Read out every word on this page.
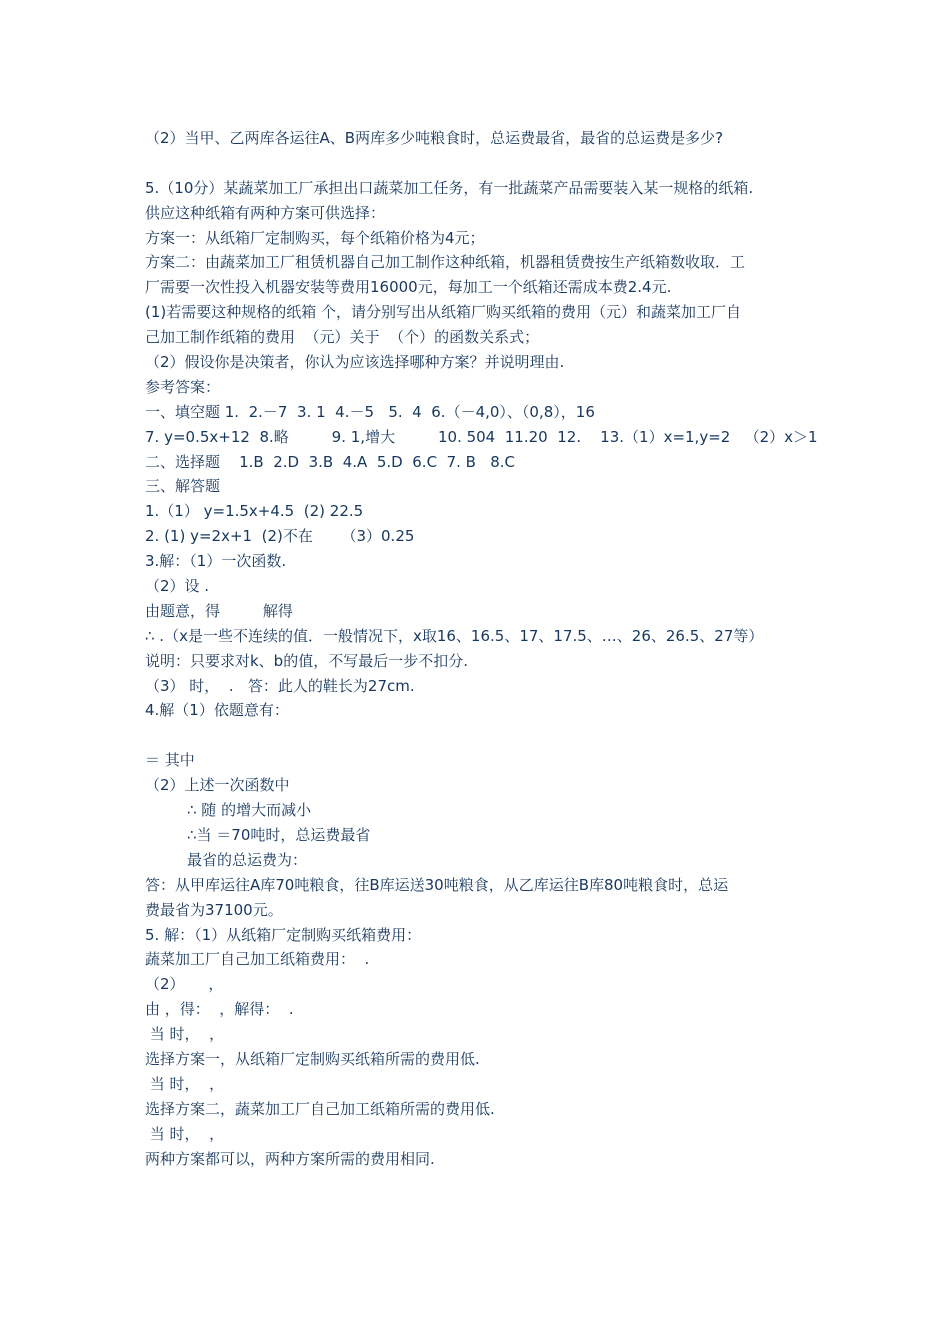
（2）当甲、乙两库各运往A、B两库多少吨粮食时，总运费最省，最省的总运费是多少?
5.（10分）某蔬菜加工厂承担出口蔬菜加工任务，有一批蔬菜产品需要装入某一规格的纸箱.
供应这种纸箱有两种方案可供选择：
方案一：从纸箱厂定制购买，每个纸箱价格为4元；
方案二：由蔬菜加工厂租赁机器自己加工制作这种纸箱，机器租赁费按生产纸箱数收取．工
厂需要一次性投入机器安装等费用16000元，每加工一个纸箱还需成本费2.4元.
(1)若需要这种规格的纸箱 个，请分别写出从纸箱厂购买纸箱的费用（元）和蔬菜加工厂自
己加工制作纸箱的费用  （元）关于  （个）的函数关系式；
（2）假设你是决策者，你认为应该选择哪种方案？并说明理由.
参考答案：
一、填空题 1.  2.－7  3. 1  4.－5   5.  4  6.（－4,0）、（0,8），16
7. y=0.5x+12  8.略         9. 1,增大         10. 504  11.20  12.    13.（1）x=1,y=2   （2）x＞1
二、选择题    1.B  2.D  3.B  4.A  5.D  6.C  7. B   8.C
三、解答题
1.（1） y=1.5x+4.5  (2) 22.5
2. (1) y=2x+1  (2)不在      （3）0.25
3.解：（1）一次函数.
（2）设 .
由题意，得         解得
∴ .（x是一些不连续的值．一般情况下，x取16、16.5、17、17.5、…、26、26.5、27等）
说明：只要求对k、b的值，不写最后一步不扣分.
（3） 时，  .   答：此人的鞋长为27cm.
4.解（1）依题意有：
＝ 其中
（2）上述一次函数中
∴ 随 的增大而减小
∴当 ＝70吨时，总运费最省
最省的总运费为：
答：从甲库运往A库70吨粮食，往B库运送30吨粮食，从乙库运往B库80吨粮食时，总运
费最省为37100元。
5. 解：（1）从纸箱厂定制购买纸箱费用：
蔬菜加工厂自己加工纸箱费用：  .
（2）     ，
由 ，得：  ，解得：  .
当 时，  ，
选择方案一，从纸箱厂定制购买纸箱所需的费用低.
当 时，  ，
选择方案二，蔬菜加工厂自己加工纸箱所需的费用低.
当 时，  ，
两种方案都可以，两种方案所需的费用相同.
